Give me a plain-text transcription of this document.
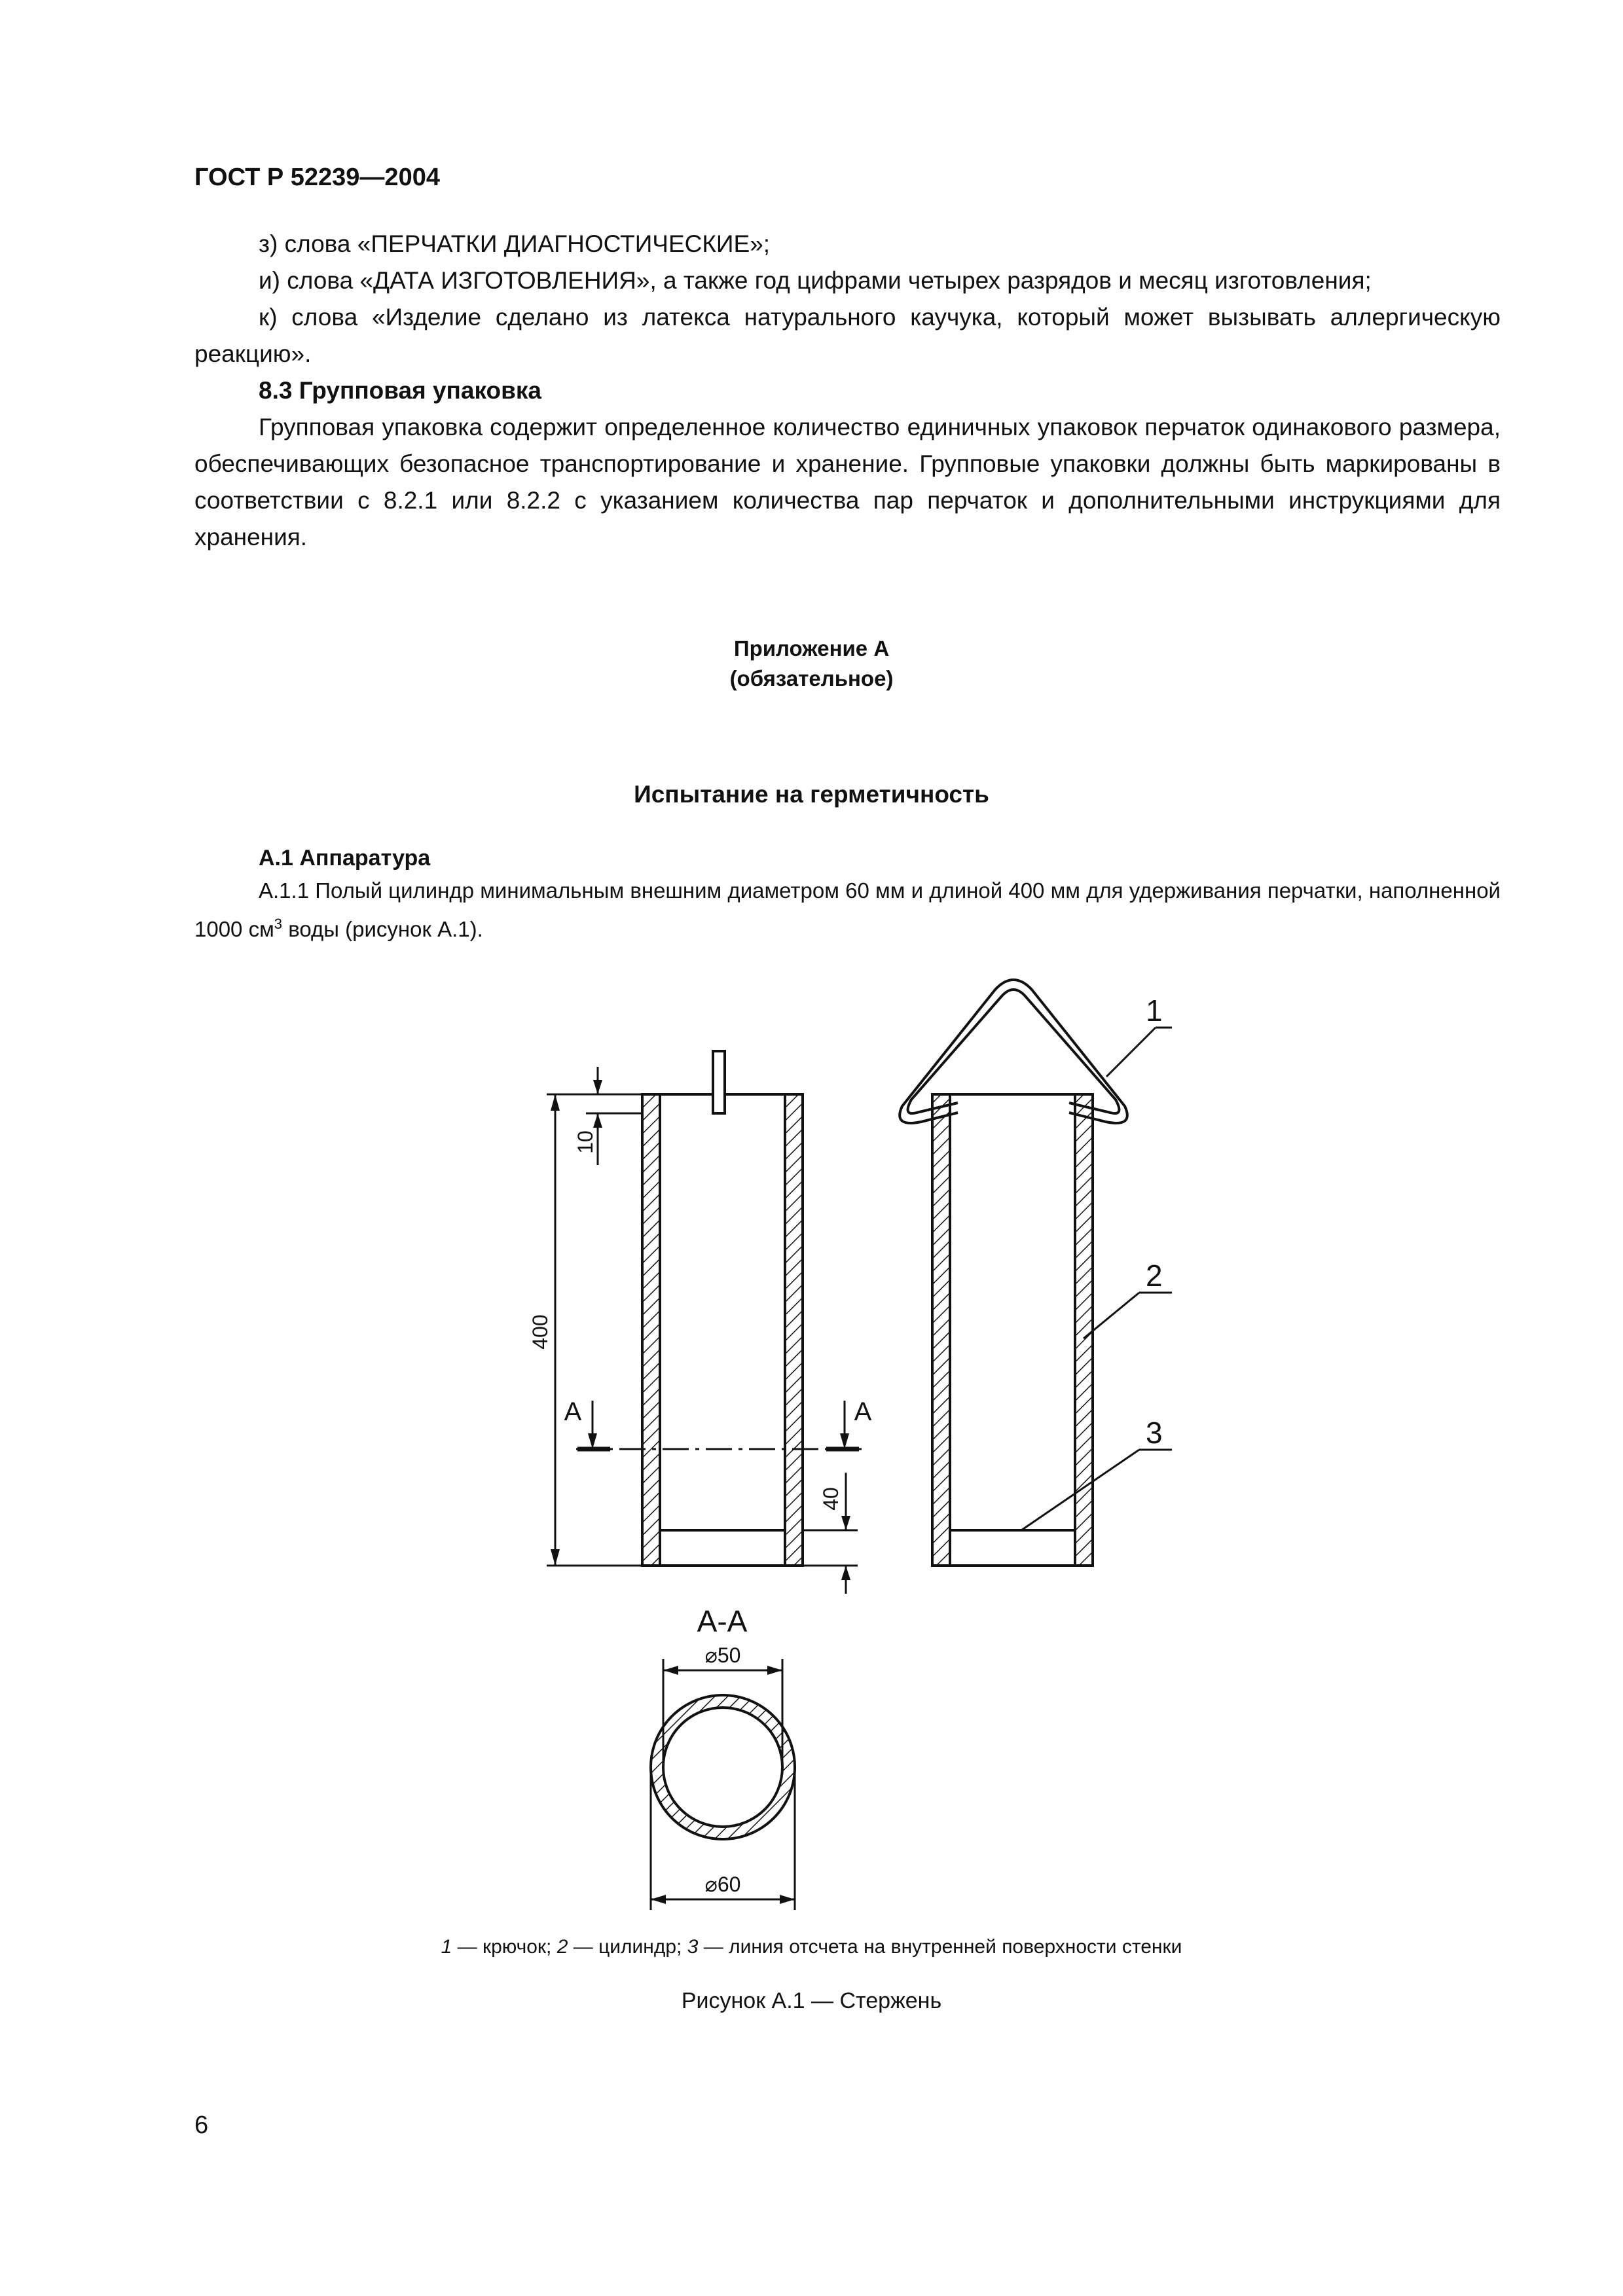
ГОСТ Р 52239—2004

з) слова «ПЕРЧАТКИ ДИАГНОСТИЧЕСКИЕ»;

и) слова «ДАТА ИЗГОТОВЛЕНИЯ», а также год цифрами четырех разрядов и месяц изготовления;

к) слова «Изделие сделано из латекса натурального каучука, который может вызывать аллергическую реакцию».

8.3 Групповая упаковка

Групповая упаковка содержит определенное количество единичных упаковок перчаток одинакового размера, обеспечивающих безопасное транспортирование и хранение. Групповые упаковки должны быть маркированы в соответствии с 8.2.1 или 8.2.2 с указанием количества пар перчаток и дополнительными инструкциями для хранения.

Приложение А
(обязательное)
Испытание на герметичность
А.1 Аппаратура

А.1.1 Полый цилиндр минимальным внешним диаметром 60 мм и длиной 400 мм для удерживания перчатки, наполненной 1000 $см^3$ воды (рисунок А.1).

10
400
А	А
40
1
2
3
А-А
⌀50
⌀60
1 — крючок; 2 — цилиндр; 3 — линия отсчета на внутренней поверхности стенки
Рисунок А.1 — Стержень
6
